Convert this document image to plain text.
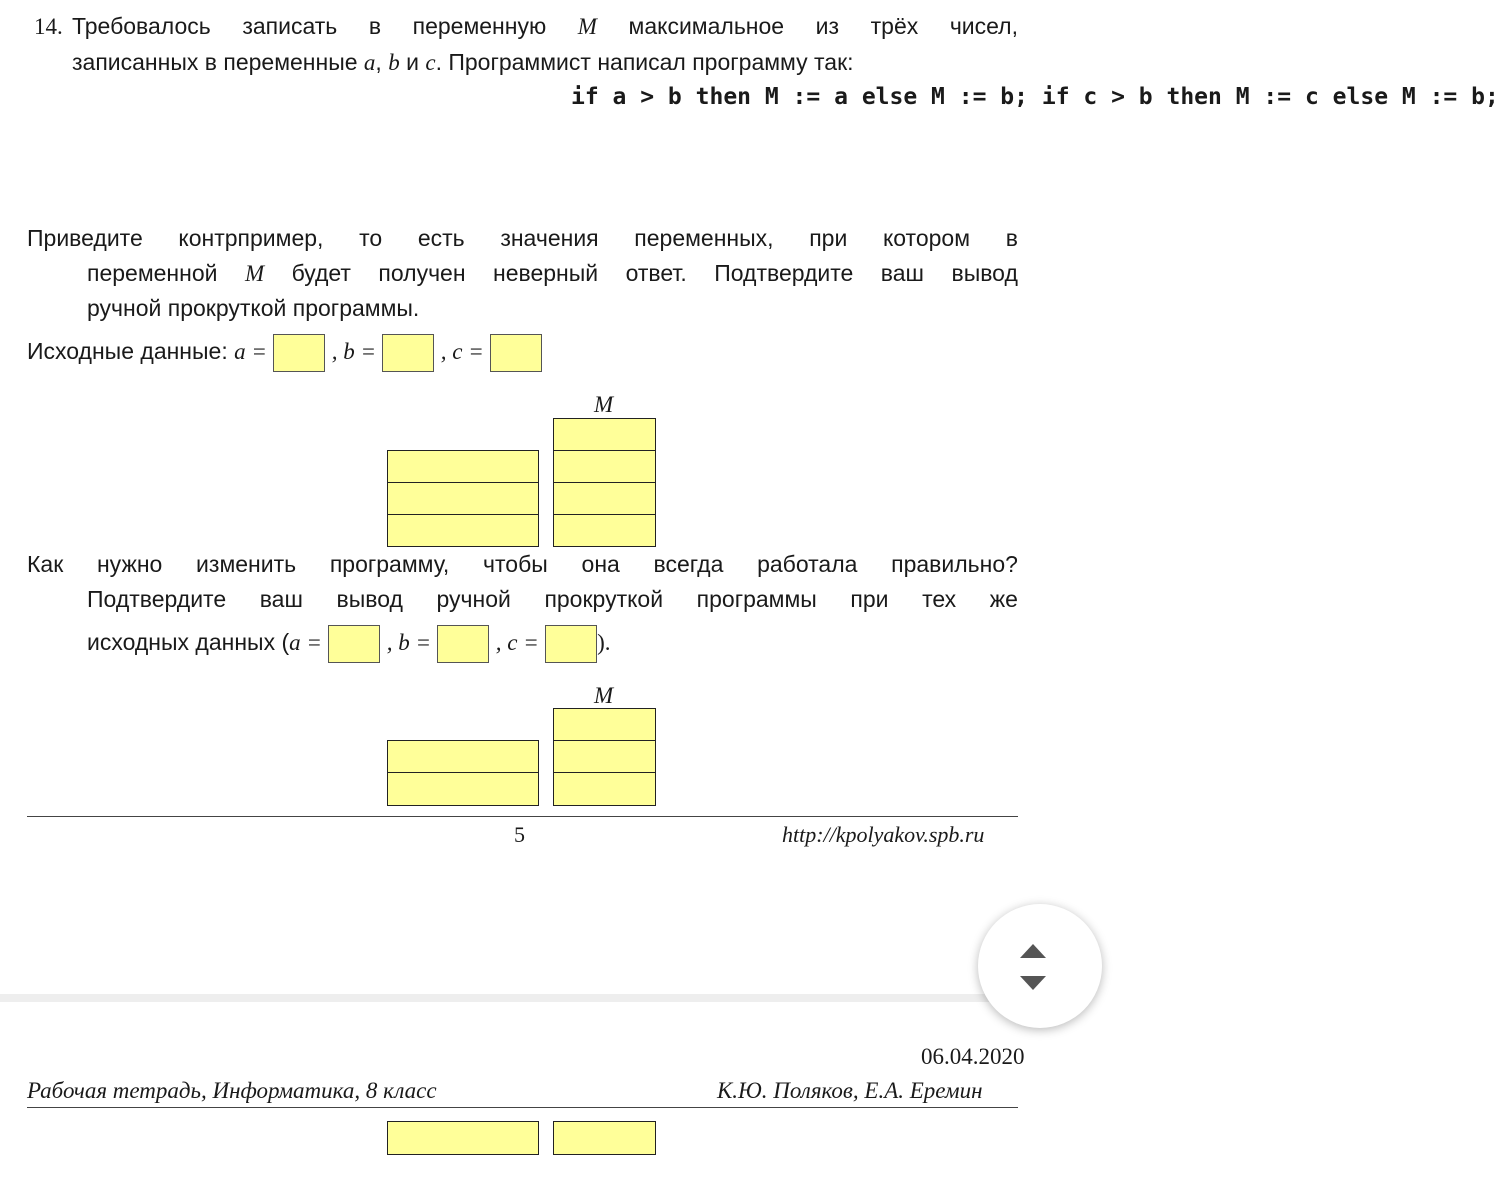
14. Требовалось записать в переменную M максимальное из трёх чисел,
записанных в переменные a, b и c. Программист написал программу так:
if a > b then M := a else M := b; if c > b then M := c else M := b;
Приведите контрпример, то есть значения переменных, при котором в
переменной M будет получен неверный ответ. Подтвердите ваш вывод
ручной прокруткой программы.
Исходные данные: a =	, b =	, c =
M
Как нужно изменить программу, чтобы она всегда работала правильно?
Подтвердите ваш вывод ручной прокруткой программы при тех же
исходных данных (a =	, b =	, c =	).
M
5	http://kpolyakov.spb.ru
06.04.2020
Рабочая тетрадь, Информатика, 8 класс	К.Ю. Поляков, Е.А. Еремин
